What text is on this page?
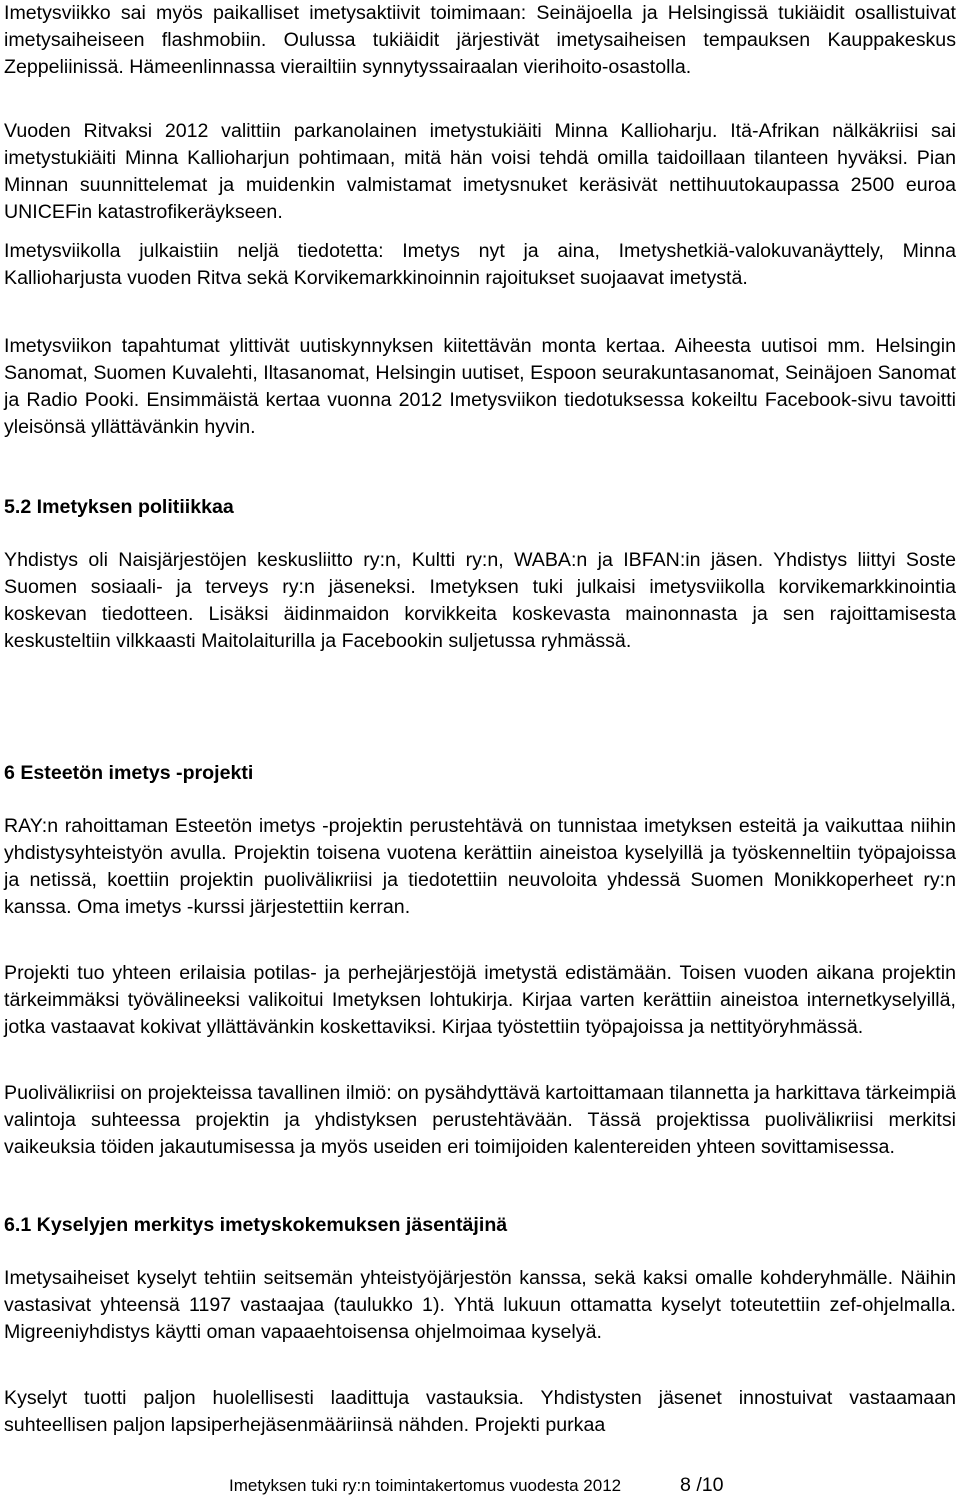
Imetysviikko sai myös paikalliset imetysaktiivit toimimaan: Seinäjoella ja Helsingissä tukiäidit osallistuivat imetysaiheiseen flashmobiin. Oulussa tukiäidit järjestivät imetysaiheisen tempauksen Kauppakeskus Zeppeliinissä. Hämeenlinnassa vierailtiin synnytyssairaalan vierihoito-osastolla.

Vuoden Ritvaksi 2012 valittiin parkanolainen imetystukiäiti Minna Kallioharju. Itä-Afrikan nälkäkriisi sai imetystukiäiti Minna Kallioharjun pohtimaan, mitä hän voisi tehdä omilla taidoillaan tilanteen hyväksi. Pian Minnan suunnittelemat ja muidenkin valmistamat imetysnuket keräsivät nettihuutokaupassa 2500 euroa UNICEFin katastrofikeräykseen.

Imetysviikolla julkaistiin neljä tiedotetta: Imetys nyt ja aina, Imetyshetkiä-valokuvanäyttely, Minna Kallioharjusta vuoden Ritva sekä Korvikemarkkinoinnin rajoitukset suojaavat imetystä.

Imetysviikon tapahtumat ylittivät uutiskynnyksen kiitettävän monta kertaa. Aiheesta uutisoi mm. Helsingin Sanomat, Suomen Kuvalehti, Iltasanomat, Helsingin uutiset, Espoon seurakuntasanomat, Seinäjoen Sanomat ja Radio Pooki. Ensimmäistä kertaa vuonna 2012 Imetysviikon tiedotuksessa kokeiltu Facebook-sivu tavoitti yleisönsä yllättävänkin hyvin.

5.2 Imetyksen politiikkaa

Yhdistys oli Naisjärjestöjen keskusliitto ry:n, Kultti ry:n, WABA:n ja IBFAN:in jäsen. Yhdistys liittyi Soste Suomen sosiaali- ja terveys ry:n jäseneksi. Imetyksen tuki julkaisi imetysviikolla korvikemarkkinointia koskevan tiedotteen. Lisäksi äidinmaidon korvikkeita koskevasta mainonnasta ja sen rajoittamisesta keskusteltiin vilkkaasti Maitolaiturilla ja Facebookin suljetussa ryhmässä.

6 Esteetön imetys -projekti

RAY:n rahoittaman Esteetön imetys -projektin perustehtävä on tunnistaa imetyksen esteitä ja vaikuttaa niihin yhdistysyhteistyön avulla. Projektin toisena vuotena kerättiin aineistoa kyselyillä ja työskenneltiin työpajoissa ja netissä, koettiin projektin puoliväliкriisi ja tiedotettiin neuvoloita yhdessä Suomen Monikkoperheet ry:n kanssa. Oma imetys -kurssi järjestettiin kerran.

Projekti tuo yhteen erilaisia potilas- ja perhejärjestöjä imetystä edistämään. Toisen vuoden aikana projektin tärkeimmäksi työvälineeksi valikoitui Imetyksen lohtukirja. Kirjaa varten kerättiin aineistoa internetkyselyillä, jotka vastaavat kokivat yllättävänkin koskettaviksi. Kirjaa työstettiin työpajoissa ja nettityöryhmässä.

Puoliväliкriisi on projekteissa tavallinen ilmiö: on pysähdyttävä kartoittamaan tilannetta ja harkittava tärkeimpiä valintoja suhteessa projektin ja yhdistyksen perustehtävään. Tässä projektissa puoliväliкriisi merkitsi vaikeuksia töiden jakautumisessa ja myös useiden eri toimijoiden kalentereiden yhteen sovittamisessa.

6.1 Kyselyjen merkitys imetyskokemuksen jäsentäjinä

Imetysaiheiset kyselyt tehtiin seitsemän yhteistyöjärjestön kanssa, sekä kaksi omalle kohderyhmälle. Näihin vastasivat yhteensä 1197 vastaajaa (taulukko 1). Yhtä lukuun ottamatta kyselyt toteutettiin zef-ohjelmalla. Migreeniyhdistys käytti oman vapaaehtoisensa ohjelmoimaa kyselyä.

Kyselyt tuotti paljon huolellisesti laadittuja vastauksia. Yhdistysten jäsenet innostuivat vastaamaan suhteellisen paljon lapsiperhejäsenmääriinsä nähden. Projekti purkaa

Imetyksen tuki ry:n toimintakertomus vuodesta 2012	8 /10
